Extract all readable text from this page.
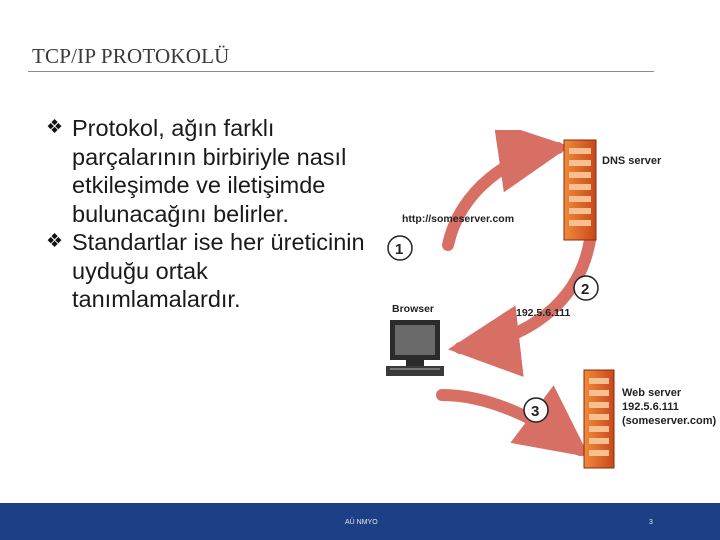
TCP/IP PROTOKOLÜ
❖ Protokol, ağın farklı parçalarının birbiriyle nasıl etkileşimde ve iletişimde bulunacağını belirler.
❖ Standartlar ise her üreticinin uyduğu ortak tanımlamalardır.
DNS server
http://someserver.com
1
2
192.5.6.111
Browser
3
Web server
192.5.6.111
(someserver.com)
AÜ NMYO	3
